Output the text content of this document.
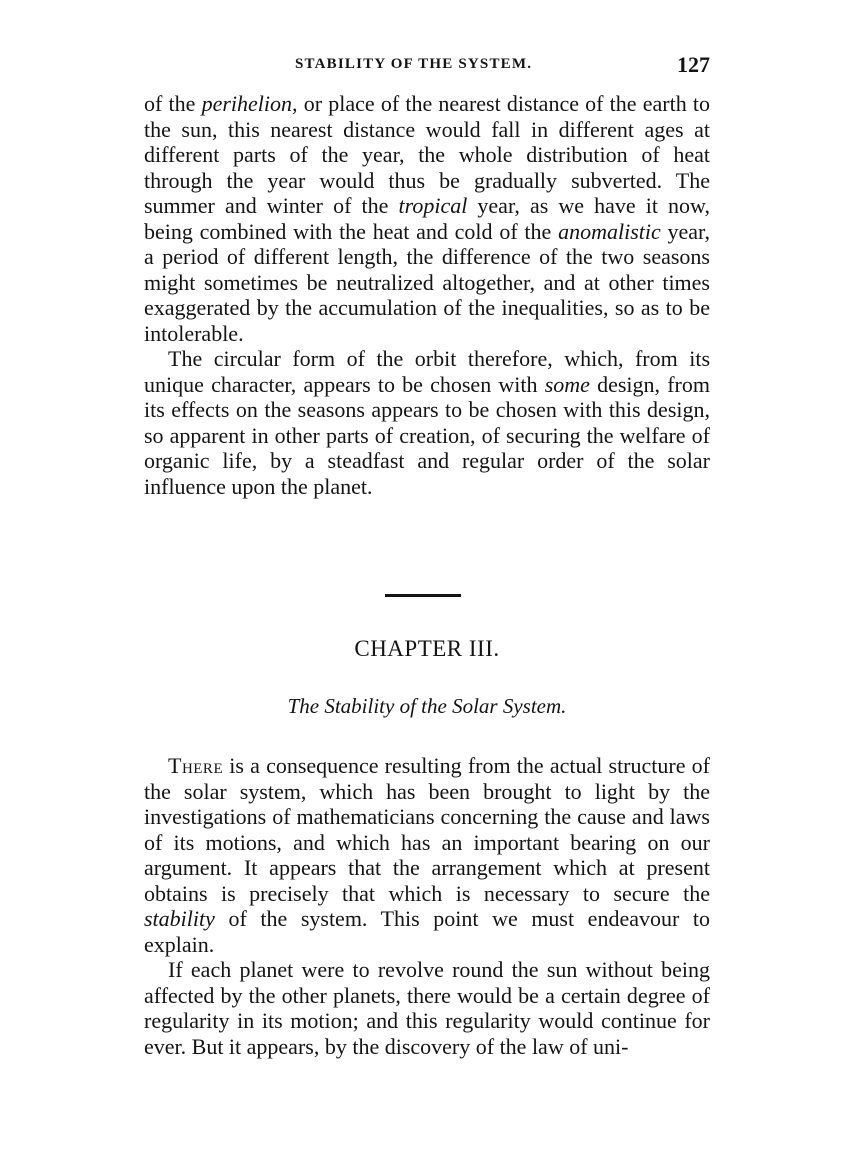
STABILITY OF THE SYSTEM.	127

of the perihelion, or place of the nearest distance of the earth to the sun, this nearest distance would fall in different ages at different parts of the year, the whole distribution of heat through the year would thus be gradually subverted. The summer and winter of the tropical year, as we have it now, being combined with the heat and cold of the anomalistic year, a period of different length, the difference of the two seasons might sometimes be neutralized altogether, and at other times exaggerated by the accumulation of the inequalities, so as to be intolerable.

The circular form of the orbit therefore, which, from its unique character, appears to be chosen with some design, from its effects on the seasons appears to be chosen with this design, so apparent in other parts of creation, of securing the welfare of organic life, by a steadfast and regular order of the solar influence upon the planet.

CHAPTER III.
The Stability of the Solar System.

There is a consequence resulting from the actual structure of the solar system, which has been brought to light by the investigations of mathematicians concerning the cause and laws of its motions, and which has an important bearing on our argument. It appears that the arrangement which at present obtains is precisely that which is necessary to secure the stability of the system. This point we must endeavour to explain.

If each planet were to revolve round the sun without being affected by the other planets, there would be a certain degree of regularity in its motion; and this regularity would continue for ever. But it appears, by the discovery of the law of uni-
